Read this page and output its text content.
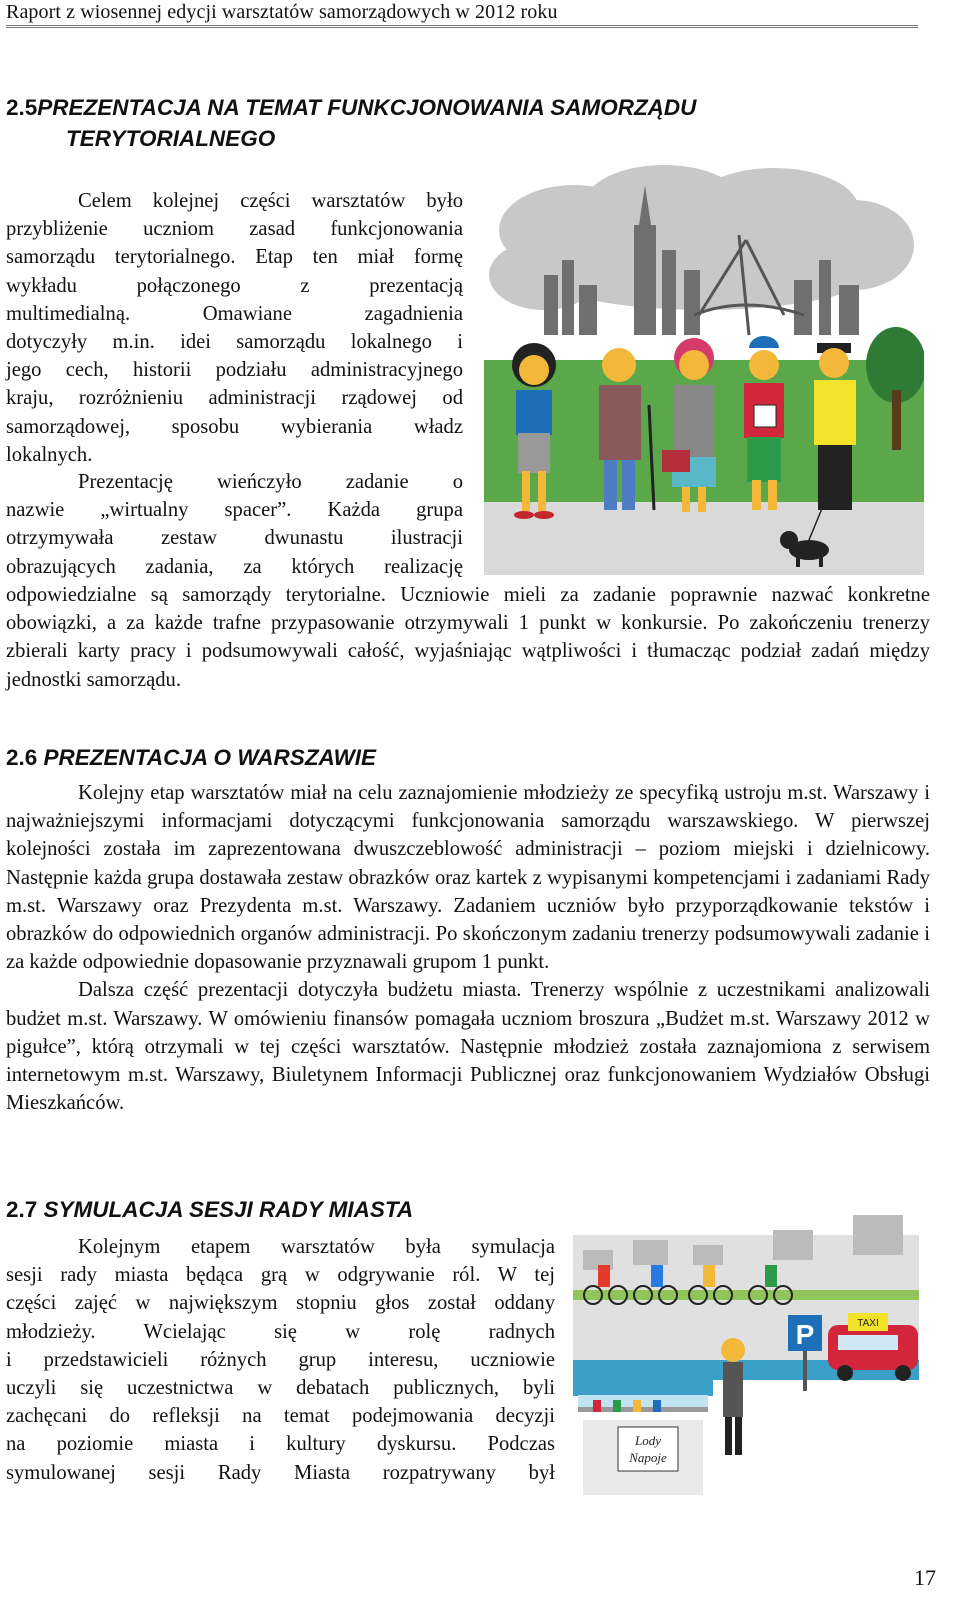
Raport z wiosennej edycji warsztatów samorządowych w 2012 roku
2.5PREZENTACJA NA TEMAT FUNKCJONOWANIA SAMORZĄDU
TERYTORIALNEGO
Celem kolejnej części warsztatów było
przybliżenie uczniom zasad funkcjonowania
samorządu terytorialnego. Etap ten miał formę
wykładu połączonego z prezentacją
multimedialną. Omawiane zagadnienia
dotyczyły m.in. idei samorządu lokalnego i
jego cech, historii podziału administracyjnego
kraju, rozróżnieniu administracji rządowej od
samorządowej, sposobu wybierania władz
lokalnych.
Prezentację wieńczyło zadanie o
nazwie „wirtualny spacer”. Każda grupa
otrzymywała zestaw dwunastu ilustracji
obrazujących zadania, za których realizację

odpowiedzialne są samorządy terytorialne. Uczniowie mieli za zadanie poprawnie nazwać konkretne obowiązki, a za każde trafne przypasowanie otrzymywali 1 punkt w konkursie. Po zakończeniu trenerzy zbierali karty pracy i podsumowywali całość, wyjaśniając wątpliwości i tłumacząc podział zadań między jednostki samorządu.

2.6 PREZENTACJA O WARSZAWIE

Kolejny etap warsztatów miał na celu zaznajomienie młodzieży ze specyfiką ustroju m.st. Warszawy i najważniejszymi informacjami dotyczącymi funkcjonowania samorządu warszawskiego. W pierwszej kolejności została im zaprezentowana dwuszczeblowość administracji – poziom miejski i dzielnicowy. Następnie każda grupa dostawała zestaw obrazków oraz kartek z wypisanymi kompetencjami i zadaniami Rady m.st. Warszawy oraz Prezydenta m.st. Warszawy. Zadaniem uczniów było przyporządkowanie tekstów i obrazków do odpowiednich organów administracji. Po skończonym zadaniu trenerzy podsumowywali zadanie i za każde odpowiednie dopasowanie przyznawali grupom 1 punkt.

Dalsza część prezentacji dotyczyła budżetu miasta. Trenerzy wspólnie z uczestnikami analizowali budżet m.st. Warszawy. W omówieniu finansów pomagała uczniom broszura „Budżet m.st. Warszawy 2012 w pigułce”, którą otrzymali w tej części warsztatów. Następnie młodzież została zaznajomiona z serwisem internetowym m.st. Warszawy, Biuletynem Informacji Publicznej oraz funkcjonowaniem Wydziałów Obsługi Mieszkańców.

2.7 SYMULACJA SESJI RADY MIASTA
Kolejnym etapem warsztatów była symulacja
sesji rady miasta będąca grą w odgrywanie ról. W tej
części zajęć w największym stopniu głos został oddany
młodzieży. Wcielając się w rolę radnych
i przedstawicieli różnych grup interesu, uczniowie
uczyli się uczestnictwa w debatach publicznych, byli
zachęcani do refleksji na temat podejmowania decyzji
na poziomie miasta i kultury dyskursu. Podczas
symulowanej sesji Rady Miasta rozpatrywany był
P	TAXI
Lody
Napoje
17
